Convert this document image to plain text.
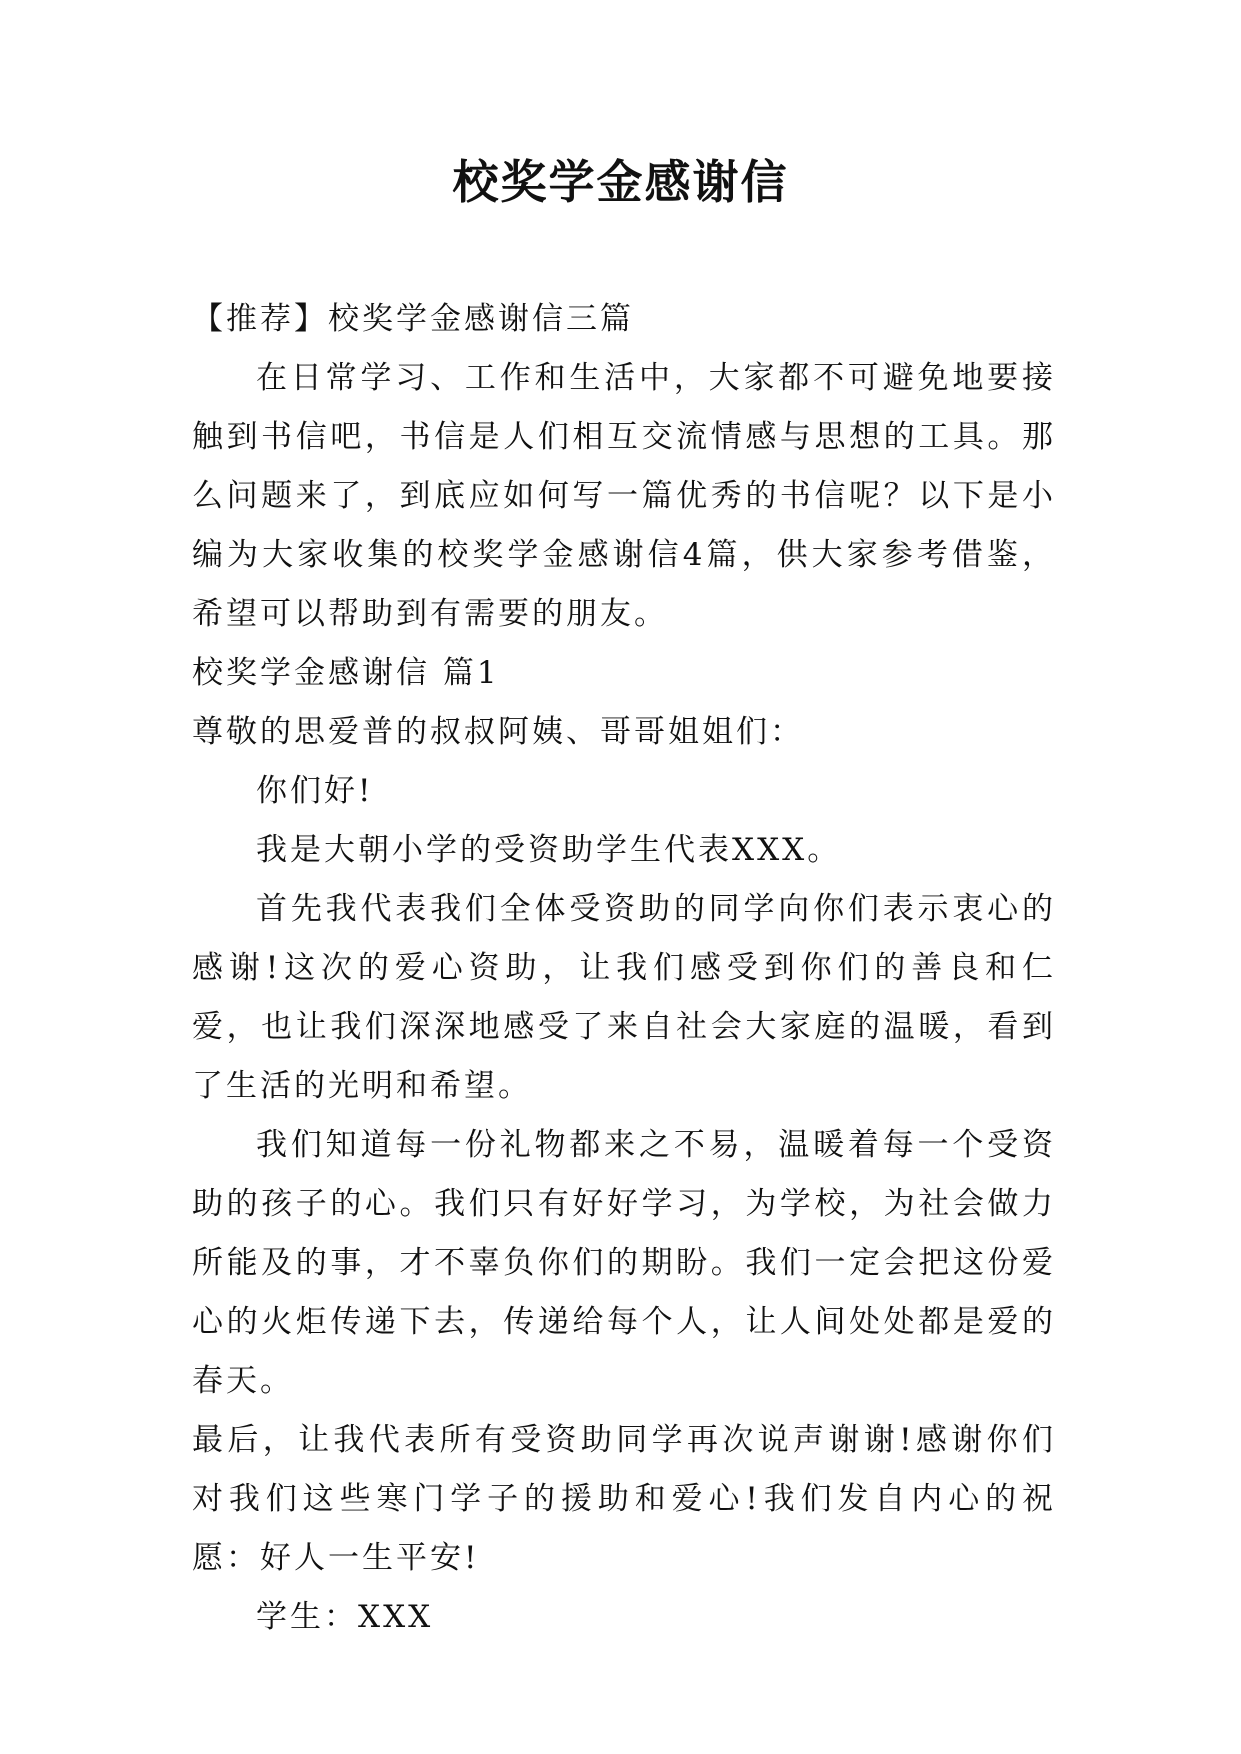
校奖学金感谢信

【推荐】校奖学金感谢信三篇

在日常学习、工作和生活中，大家都不可避免地要接触到书信吧，书信是人们相互交流情感与思想的工具。那么问题来了，到底应如何写一篇优秀的书信呢？以下是小编为大家收集的校奖学金感谢信4篇，供大家参考借鉴，希望可以帮助到有需要的朋友。

校奖学金感谢信 篇1

尊敬的思爱普的叔叔阿姨、哥哥姐姐们：

你们好!

我是大朝小学的受资助学生代表XXX。

首先我代表我们全体受资助的同学向你们表示衷心的感谢!这次的爱心资助，让我们感受到你们的善良和仁爱，也让我们深深地感受了来自社会大家庭的温暖，看到了生活的光明和希望。

我们知道每一份礼物都来之不易，温暖着每一个受资助的孩子的心。我们只有好好学习，为学校，为社会做力所能及的事，才不辜负你们的期盼。我们一定会把这份爱心的火炬传递下去，传递给每个人，让人间处处都是爱的春天。

最后，让我代表所有受资助同学再次说声谢谢!感谢你们对我们这些寒门学子的援助和爱心!我们发自内心的祝愿：好人一生平安!

学生：XXX
